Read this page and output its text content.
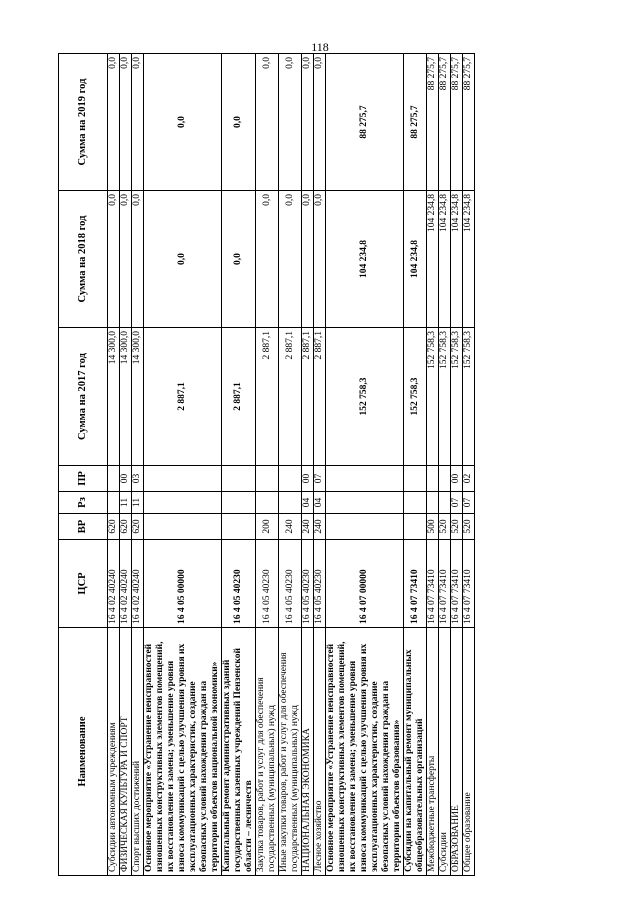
118
Наименование	ЦСР	ВР	Рз	ПР	Сумма на 2017 год	Сумма на 2018 год	Сумма на 2019 год
Субсидии автономным учреждениям	16 4 02 40240	620			14 300,0	0,0	0,0
ФИЗИЧЕСКАЯ КУЛЬТУРА И СПОРТ	16 4 02 40240	620	11	00	14 300,0	0,0	0,0
Спорт высших достижений	16 4 02 40240	620	11	03	14 300,0	0,0	0,0
Основное мероприятие «Устранение неисправностей изношенных конструктивных элементов помещений, их восстановление и замена; уменьшение уровня износа коммуникаций с целью улучшения уровня их эксплуатационных характеристик, создание безопасных условий нахождения граждан на территории объектов национальной экономики»	16 4 05 00000				2 887,1	0,0	0,0
Капитальный ремонт административных зданий государственных казенных учреждений Пензенской области – лесничеств	16 4 05 40230				2 887,1	0,0	0,0
Закупка товаров, работ и услуг для обеспечения государственных (муниципальных) нужд	16 4 05 40230	200			2 887,1	0,0	0,0
Иные закупки товаров, работ и услуг для обеспечения государственных (муниципальных) нужд	16 4 05 40230	240			2 887,1	0,0	0,0
НАЦИОНАЛЬНАЯ ЭКОНОМИКА	16 4 05 40230	240	04	00	2 887,1	0,0	0,0
Лесное хозяйство	16 4 05 40230	240	04	07	2 887,1	0,0	0,0
Основное мероприятие «Устранение неисправностей изношенных конструктивных элементов помещений, их восстановление и замена; уменьшение уровня износа коммуникаций с целью улучшения уровня их эксплуатационных характеристик, создание безопасных условий нахождения граждан на территории объектов образования»	16 4 07 00000				152 758,3	104 234,8	88 275,7
Субсидии на капитальный ремонт муниципальных общеобразовательных организаций	16 4 07 73410				152 758,3	104 234,8	88 275,7
Межбюджетные трансферты	16 4 07 73410	500			152 758,3	104 234,8	88 275,7
Субсидии	16 4 07 73410	520			152 758,3	104 234,8	88 275,7
ОБРАЗОВАНИЕ	16 4 07 73410	520	07	00	152 758,3	104 234,8	88 275,7
Общее образование	16 4 07 73410	520	07	02	152 758,3	104 234,8	88 275,7
